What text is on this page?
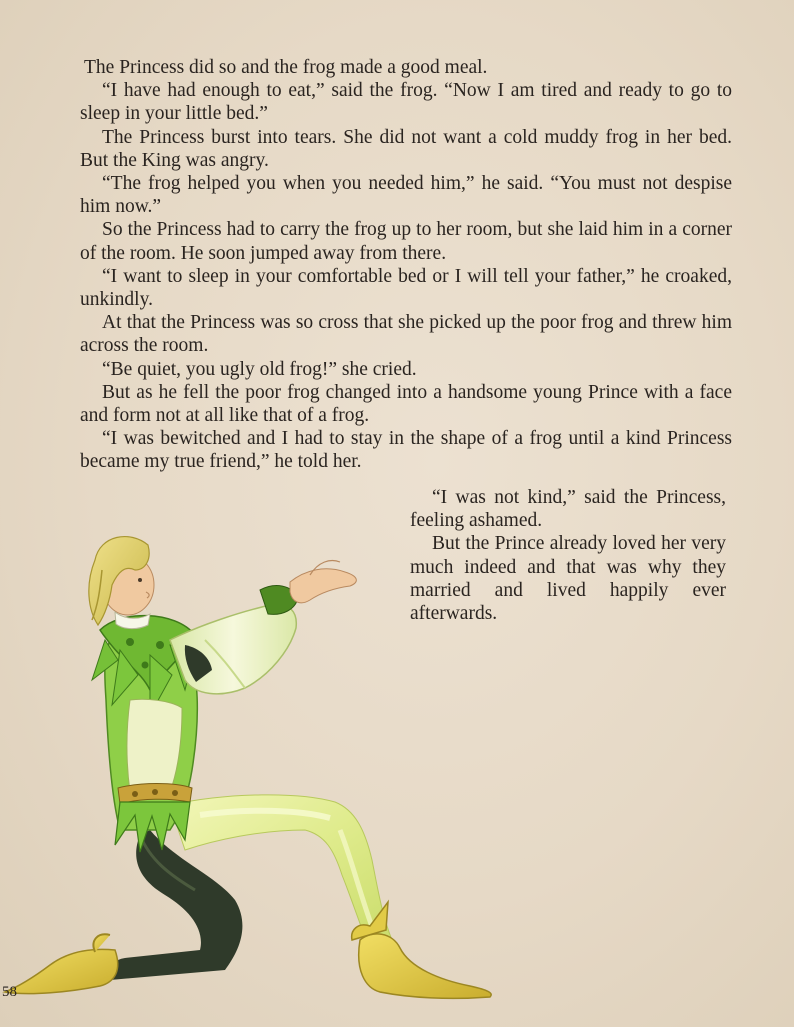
The Princess did so and the frog made a good meal.

“I have had enough to eat,” said the frog. “Now I am tired and ready to go to sleep in your little bed.”

The Princess burst into tears. She did not want a cold muddy frog in her bed. But the King was angry.

“The frog helped you when you needed him,” he said. “You must not despise him now.”

So the Princess had to carry the frog up to her room, but she laid him in a corner of the room. He soon jumped away from there.

“I want to sleep in your comfortable bed or I will tell your father,” he croaked, unkindly.

At that the Princess was so cross that she picked up the poor frog and threw him across the room.

“Be quiet, you ugly old frog!” she cried.

But as he fell the poor frog changed into a handsome young Prince with a face and form not at all like that of a frog.

“I was bewitched and I had to stay in the shape of a frog until a kind Princess became my true friend,” he told her.

“I was not kind,” said the Princess, feeling ashamed.

But the Prince already loved her very much indeed and that was why they married and lived happily ever afterwards.

58
